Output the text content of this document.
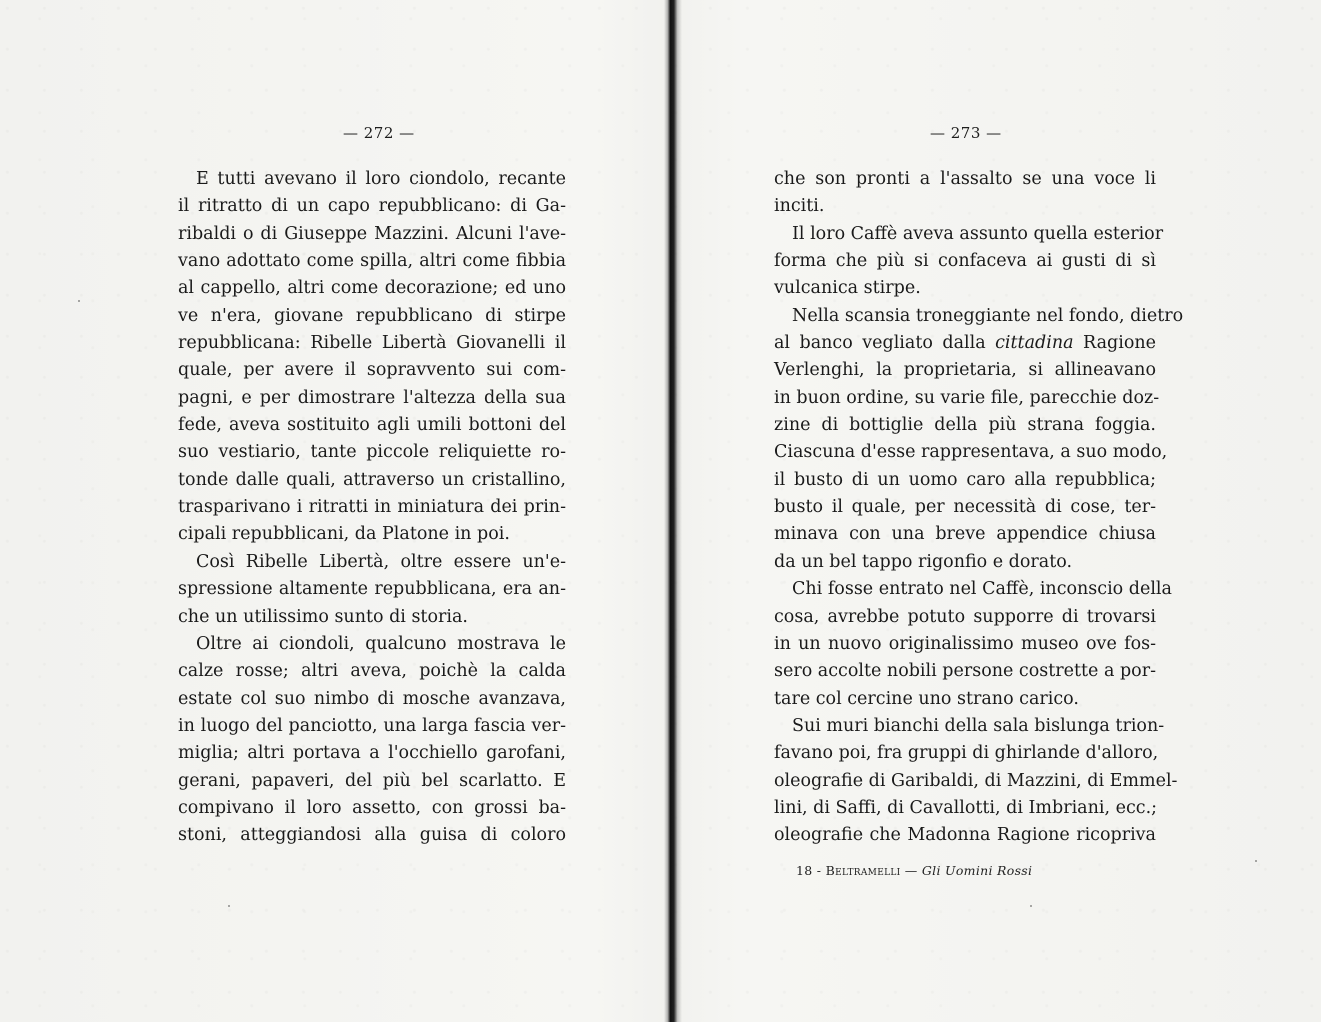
— 272 —
E tutti avevano il loro ciondolo, recante
il ritratto di un capo repubblicano: di Ga-
ribaldi o di Giuseppe Mazzini. Alcuni l'ave-
vano adottato come spilla, altri come fibbia
al cappello, altri come decorazione; ed uno
ve n'era, giovane repubblicano di stirpe
repubblicana: Ribelle Libertà Giovanelli il
quale, per avere il sopravvento sui com-
pagni, e per dimostrare l'altezza della sua
fede, aveva sostituito agli umili bottoni del
suo vestiario, tante piccole reliquiette ro-
tonde dalle quali, attraverso un cristallino,
trasparivano i ritratti in miniatura dei prin-
cipali repubblicani, da Platone in poi.
Così Ribelle Libertà, oltre essere un'e-
spressione altamente repubblicana, era an-
che un utilissimo sunto di storia.
Oltre ai ciondoli, qualcuno mostrava le
calze rosse; altri aveva, poichè la calda
estate col suo nimbo di mosche avanzava,
in luogo del panciotto, una larga fascia ver-
miglia; altri portava a l'occhiello garofani,
gerani, papaveri, del più bel scarlatto. E
compivano il loro assetto, con grossi ba-
stoni, atteggiandosi alla guisa di coloro
— 273 —
che son pronti a l'assalto se una voce li
inciti.
Il loro Caffè aveva assunto quella esterior
forma che più si confaceva ai gusti di sì
vulcanica stirpe.
Nella scansia troneggiante nel fondo, dietro
al banco vegliato dalla cittadina Ragione
Verlenghi, la proprietaria, si allineavano
in buon ordine, su varie file, parecchie doz-
zine di bottiglie della più strana foggia.
Ciascuna d'esse rappresentava, a suo modo,
il busto di un uomo caro alla repubblica;
busto il quale, per necessità di cose, ter-
minava con una breve appendice chiusa
da un bel tappo rigonfio e dorato.
Chi fosse entrato nel Caffè, inconscio della
cosa, avrebbe potuto supporre di trovarsi
in un nuovo originalissimo museo ove fos-
sero accolte nobili persone costrette a por-
tare col cercine uno strano carico.
Sui muri bianchi della sala bislunga trion-
favano poi, fra gruppi di ghirlande d'alloro,
oleografie di Garibaldi, di Mazzini, di Emmel-
lini, di Saffi, di Cavallotti, di Imbriani, ecc.;
oleografie che Madonna Ragione ricopriva
18 - Beltramelli — Gli Uomini Rossi
